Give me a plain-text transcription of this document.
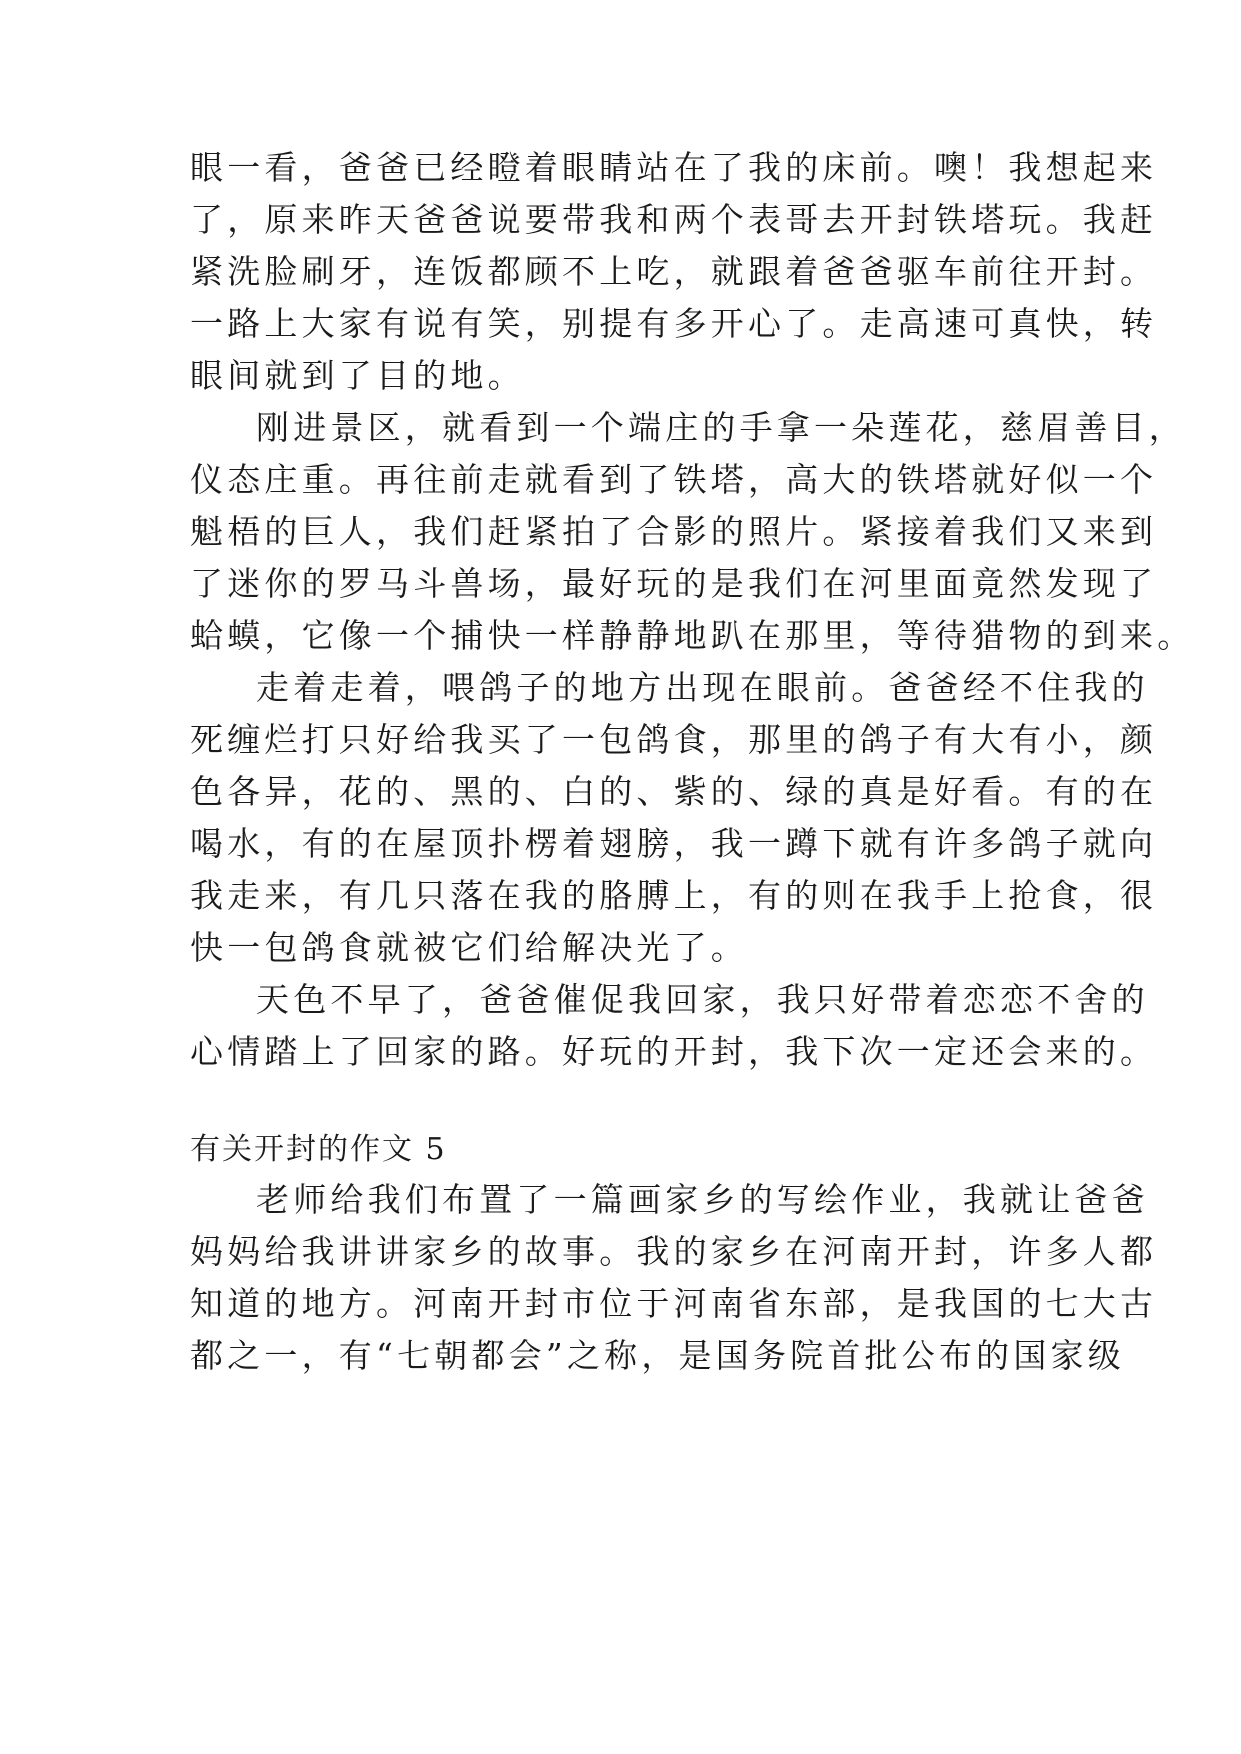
眼一看，爸爸已经瞪着眼睛站在了我的床前。噢！我想起来
了，原来昨天爸爸说要带我和两个表哥去开封铁塔玩。我赶
紧洗脸刷牙，连饭都顾不上吃，就跟着爸爸驱车前往开封。
一路上大家有说有笑，别提有多开心了。走高速可真快，转
眼间就到了目的地。
刚进景区，就看到一个端庄的手拿一朵莲花，慈眉善目，
仪态庄重。再往前走就看到了铁塔，高大的铁塔就好似一个
魁梧的巨人，我们赶紧拍了合影的照片。紧接着我们又来到
了迷你的罗马斗兽场，最好玩的是我们在河里面竟然发现了
蛤蟆，它像一个捕快一样静静地趴在那里，等待猎物的到来。
走着走着，喂鸽子的地方出现在眼前。爸爸经不住我的
死缠烂打只好给我买了一包鸽食，那里的鸽子有大有小，颜
色各异，花的、黑的、白的、紫的、绿的真是好看。有的在
喝水，有的在屋顶扑楞着翅膀，我一蹲下就有许多鸽子就向
我走来，有几只落在我的胳膊上，有的则在我手上抢食，很
快一包鸽食就被它们给解决光了。
天色不早了，爸爸催促我回家，我只好带着恋恋不舍的
心情踏上了回家的路。好玩的开封，我下次一定还会来的。
有关开封的作文 5
老师给我们布置了一篇画家乡的写绘作业，我就让爸爸
妈妈给我讲讲家乡的故事。我的家乡在河南开封，许多人都
知道的地方。河南开封市位于河南省东部，是我国的七大古
都之一，有“七朝都会”之称，是国务院首批公布的国家级
